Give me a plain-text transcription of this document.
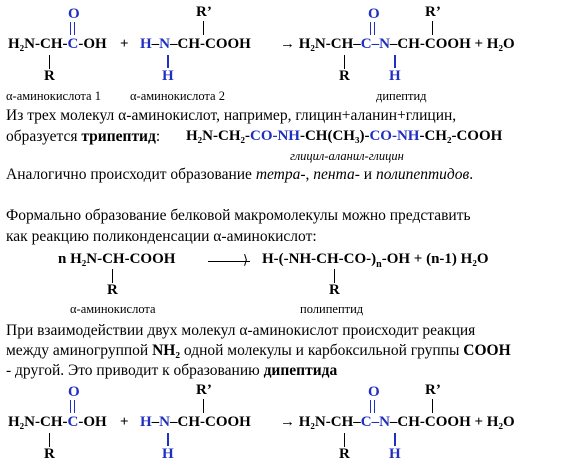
O	R’	O	R’
H₂N-CH-C-OH + H–N–CH-COOH → H₂N-CH–C–N–CH-COOH + H₂O
R	H	R	H
α-аминокислота 1 α-аминокислота 2	дипептид
Из трех молекул α-аминокислот, например, глицин+аланин+глицин,
образуется трипептид: H₂N-CH₂-CO-NH-CH(CH₃)-CO-NH-CH₂-COOH
глицил-аланил-глицин
Аналогично происходит образование тетра-, пента- и полипептидов.
Формально образование белковой макромолекулы можно представить
как реакцию поликонденсации α-аминокислот:
n H₂N-CH-COOH	⟩ $H-(-NH-CH-CO-)_n-OH + (n-1)$ H₂O
R	R
α-аминокислота	полипептид
При взаимодействии двух молекул α-аминокислот происходит реакция
между аминогруппой NH₂ одной молекулы и карбоксильной группы COOH
- другой. Это приводит к образованию дипептида
O	R’	O	R’
H₂N-CH-C-OH + H–N–CH-COOH → H₂N-CH–C–N–CH-COOH + H₂O
R	H	R	H
